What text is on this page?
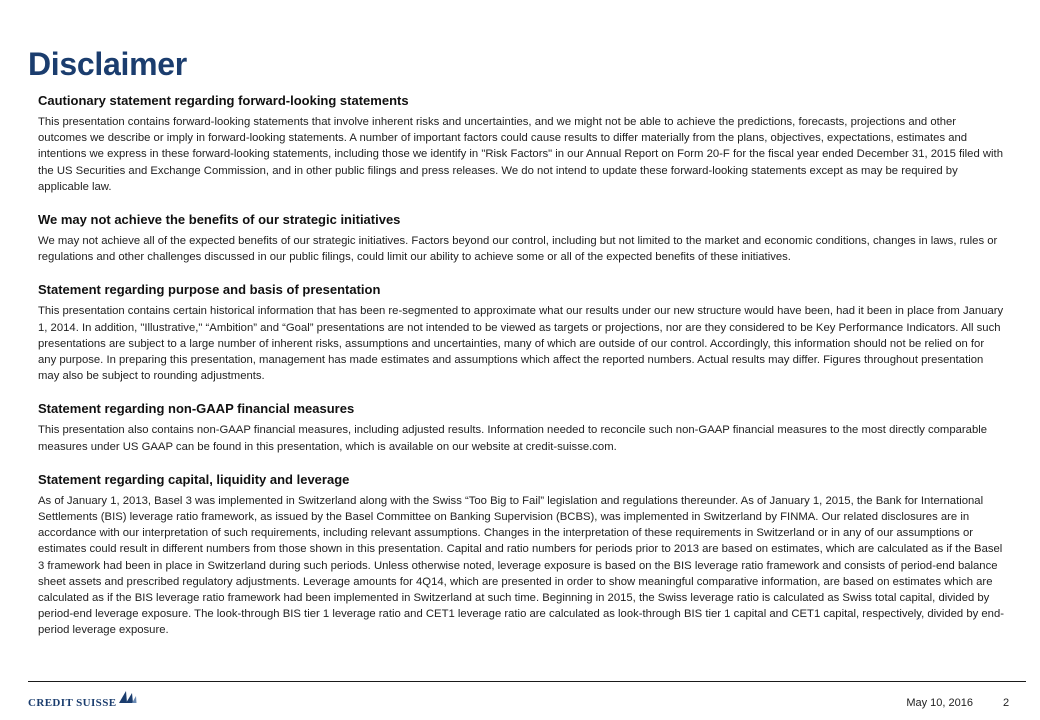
Disclaimer
Cautionary statement regarding forward-looking statements

This presentation contains forward-looking statements that involve inherent risks and uncertainties, and we might not be able to achieve the predictions, forecasts, projections and other outcomes we describe or imply in forward-looking statements. A number of important factors could cause results to differ materially from the plans, objectives, expectations, estimates and intentions we express in these forward-looking statements, including those we identify in "Risk Factors" in our Annual Report on Form 20-F for the fiscal year ended December 31, 2015 filed with the US Securities and Exchange Commission, and in other public filings and press releases. We do not intend to update these forward-looking statements except as may be required by applicable law.

We may not achieve the benefits of our strategic initiatives

We may not achieve all of the expected benefits of our strategic initiatives. Factors beyond our control, including but not limited to the market and economic conditions, changes in laws, rules or regulations and other challenges discussed in our public filings, could limit our ability to achieve some or all of the expected benefits of these initiatives.

Statement regarding purpose and basis of presentation

This presentation contains certain historical information that has been re-segmented to approximate what our results under our new structure would have been, had it been in place from January 1, 2014. In addition, "Illustrative," “Ambition” and “Goal” presentations are not intended to be viewed as targets or projections, nor are they considered to be Key Performance Indicators. All such presentations are subject to a large number of inherent risks, assumptions and uncertainties, many of which are outside of our control. Accordingly, this information should not be relied on for any purpose. In preparing this presentation, management has made estimates and assumptions which affect the reported numbers. Actual results may differ. Figures throughout presentation may also be subject to rounding adjustments.

Statement regarding non-GAAP financial measures

This presentation also contains non-GAAP financial measures, including adjusted results. Information needed to reconcile such non-GAAP financial measures to the most directly comparable measures under US GAAP can be found in this presentation, which is available on our website at credit-suisse.com.

Statement regarding capital, liquidity and leverage

As of January 1, 2013, Basel 3 was implemented in Switzerland along with the Swiss “Too Big to Fail” legislation and regulations thereunder. As of January 1, 2015, the Bank for International Settlements (BIS) leverage ratio framework, as issued by the Basel Committee on Banking Supervision (BCBS), was implemented in Switzerland by FINMA. Our related disclosures are in accordance with our interpretation of such requirements, including relevant assumptions. Changes in the interpretation of these requirements in Switzerland or in any of our assumptions or estimates could result in different numbers from those shown in this presentation. Capital and ratio numbers for periods prior to 2013 are based on estimates, which are calculated as if the Basel 3 framework had been in place in Switzerland during such periods. Unless otherwise noted, leverage exposure is based on the BIS leverage ratio framework and consists of period-end balance sheet assets and prescribed regulatory adjustments. Leverage amounts for 4Q14, which are presented in order to show meaningful comparative information, are based on estimates which are calculated as if the BIS leverage ratio framework had been implemented in Switzerland at such time. Beginning in 2015, the Swiss leverage ratio is calculated as Swiss total capital, divided by period-end leverage exposure. The look-through BIS tier 1 leverage ratio and CET1 leverage ratio are calculated as look-through BIS tier 1 capital and CET1 capital, respectively, divided by end-period leverage exposure.

CREDIT SUISSE	May 10, 2016	2
